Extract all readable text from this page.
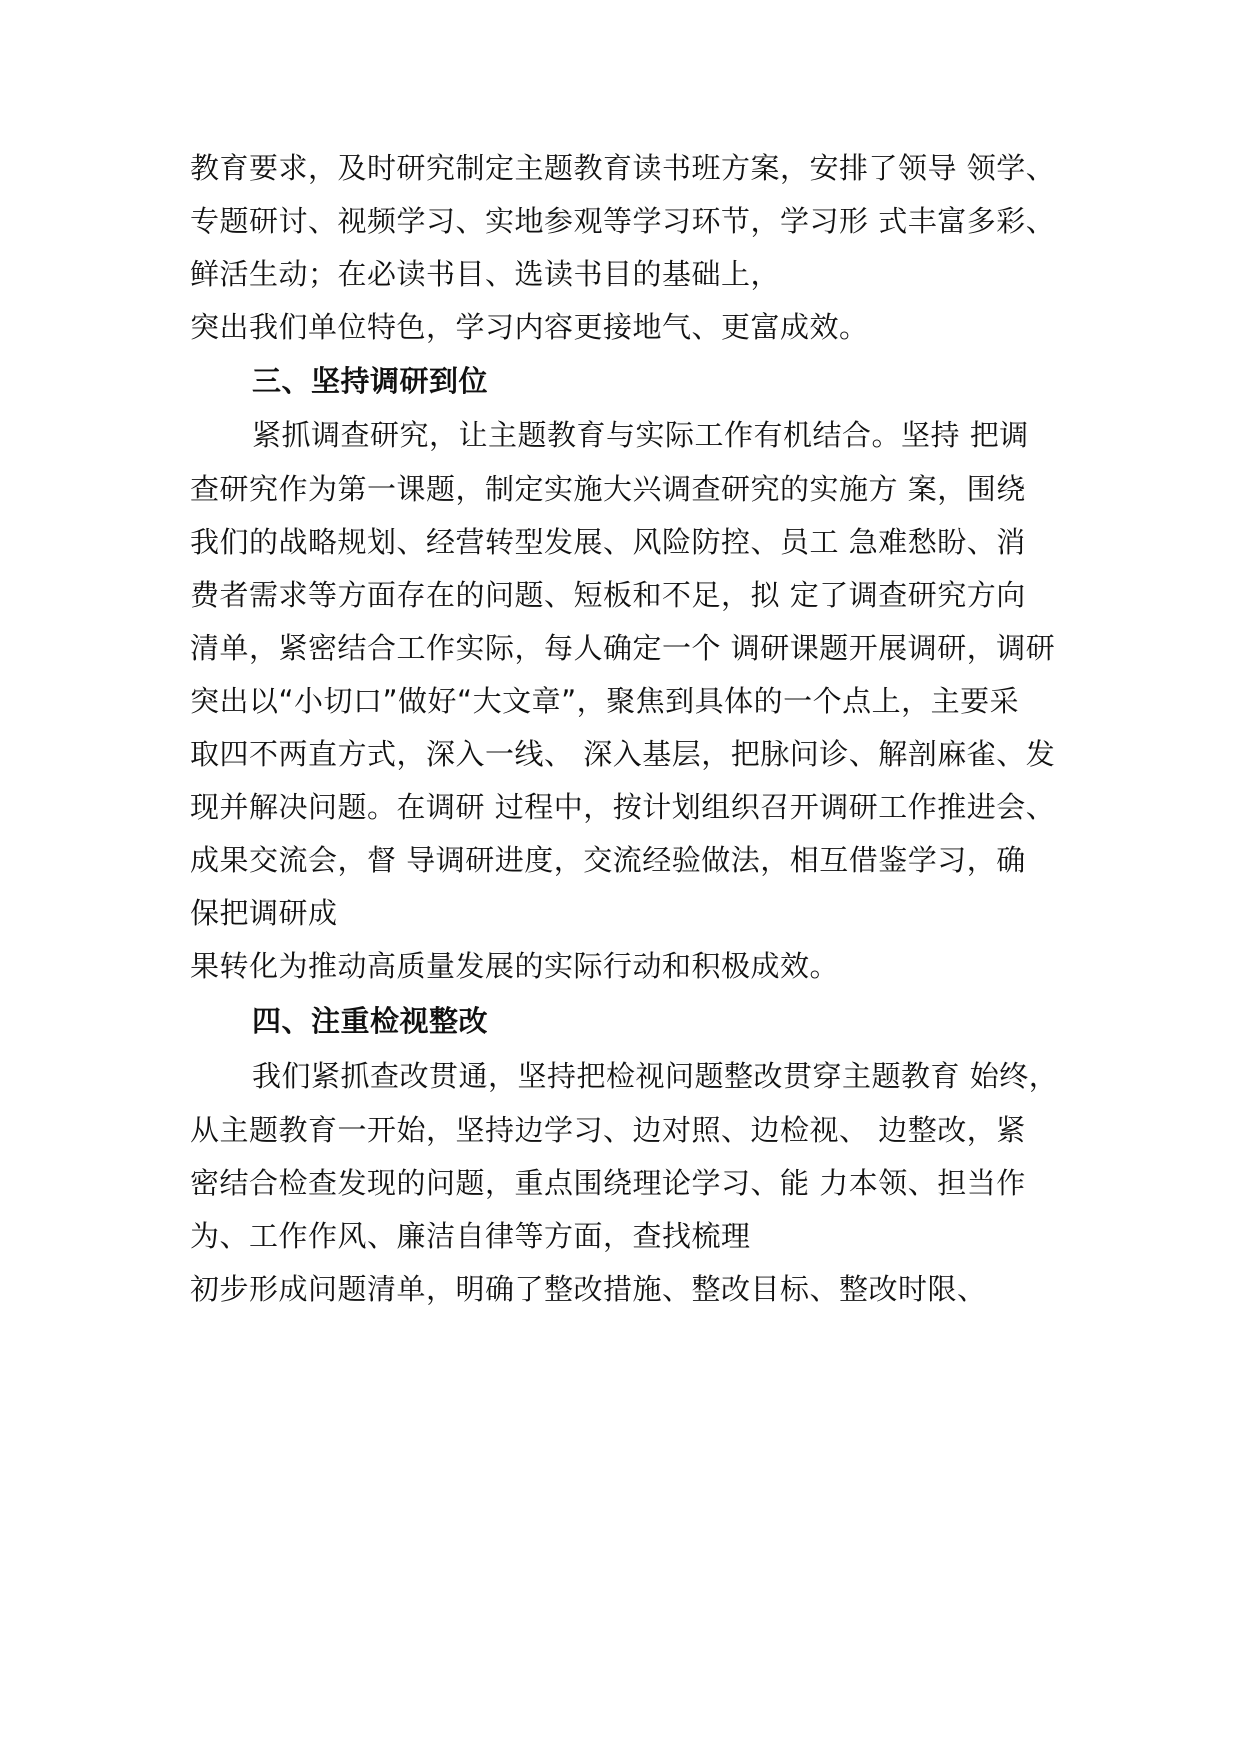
教育要求，及时研究制定主题教育读书班方案，安排了领导 领学、
专题研讨、视频学习、实地参观等学习环节，学习形 式丰富多彩、
鲜活生动；在必读书目、选读书目的基础上，
突出我们单位特色，学习内容更接地气、更富成效。
三、坚持调研到位
紧抓调查研究，让主题教育与实际工作有机结合。坚持 把调
查研究作为第一课题，制定实施大兴调查研究的实施方 案，围绕
我们的战略规划、经营转型发展、风险防控、员工 急难愁盼、消
费者需求等方面存在的问题、短板和不足，拟 定了调查研究方向
清单，紧密结合工作实际，每人确定一个 调研课题开展调研，调研
突出以“小切口”做好“大文章”，聚焦到具体的一个点上，主要采
取四不两直方式，深入一线、 深入基层，把脉问诊、解剖麻雀、发
现并解决问题。在调研 过程中，按计划组织召开调研工作推进会、
成果交流会，督 导调研进度，交流经验做法，相互借鉴学习，确
保把调研成
果转化为推动高质量发展的实际行动和积极成效。
四、注重检视整改
我们紧抓查改贯通，坚持把检视问题整改贯穿主题教育 始终，
从主题教育一开始，坚持边学习、边对照、边检视、 边整改，紧
密结合检查发现的问题，重点围绕理论学习、能 力本领、担当作
为、工作作风、廉洁自律等方面，查找梳理
初步形成问题清单，明确了整改措施、整改目标、整改时限、
